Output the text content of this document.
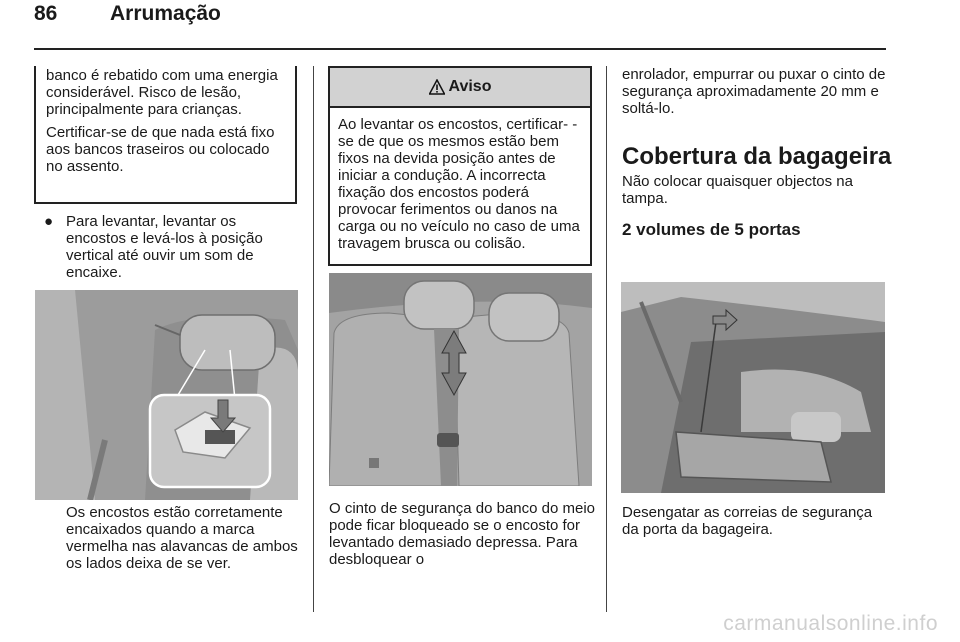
86	Arrumação

banco é rebatido com uma energia considerável. Risco de lesão, principalmente para crianças.

Certificar-se de que nada está fixo aos bancos traseiros ou colocado no assento.

● Para levantar, levantar os encostos e levá-los à posição vertical até ouvir um som de encaixe.

Os encostos estão corretamente encaixados quando a marca vermelha nas alavancas de ambos os lados deixa de se ver.

Aviso

Ao levantar os encostos, certificar- -se de que os mesmos estão bem fixos na devida posição antes de iniciar a condução. A incorrecta fixação dos encostos poderá provocar ferimentos ou danos na carga ou no veículo no caso de uma travagem brusca ou colisão.

O cinto de segurança do banco do meio pode ficar bloqueado se o encosto for levantado demasiado depressa. Para desbloquear o

enrolador, empurrar ou puxar o cinto de segurança aproximadamente 20 mm e soltá-lo.

Cobertura da bagageira

Não colocar quaisquer objectos na tampa.

2 volumes de 5 portas

Desengatar as correias de segurança da porta da bagageira.

carmanualsonline.info
